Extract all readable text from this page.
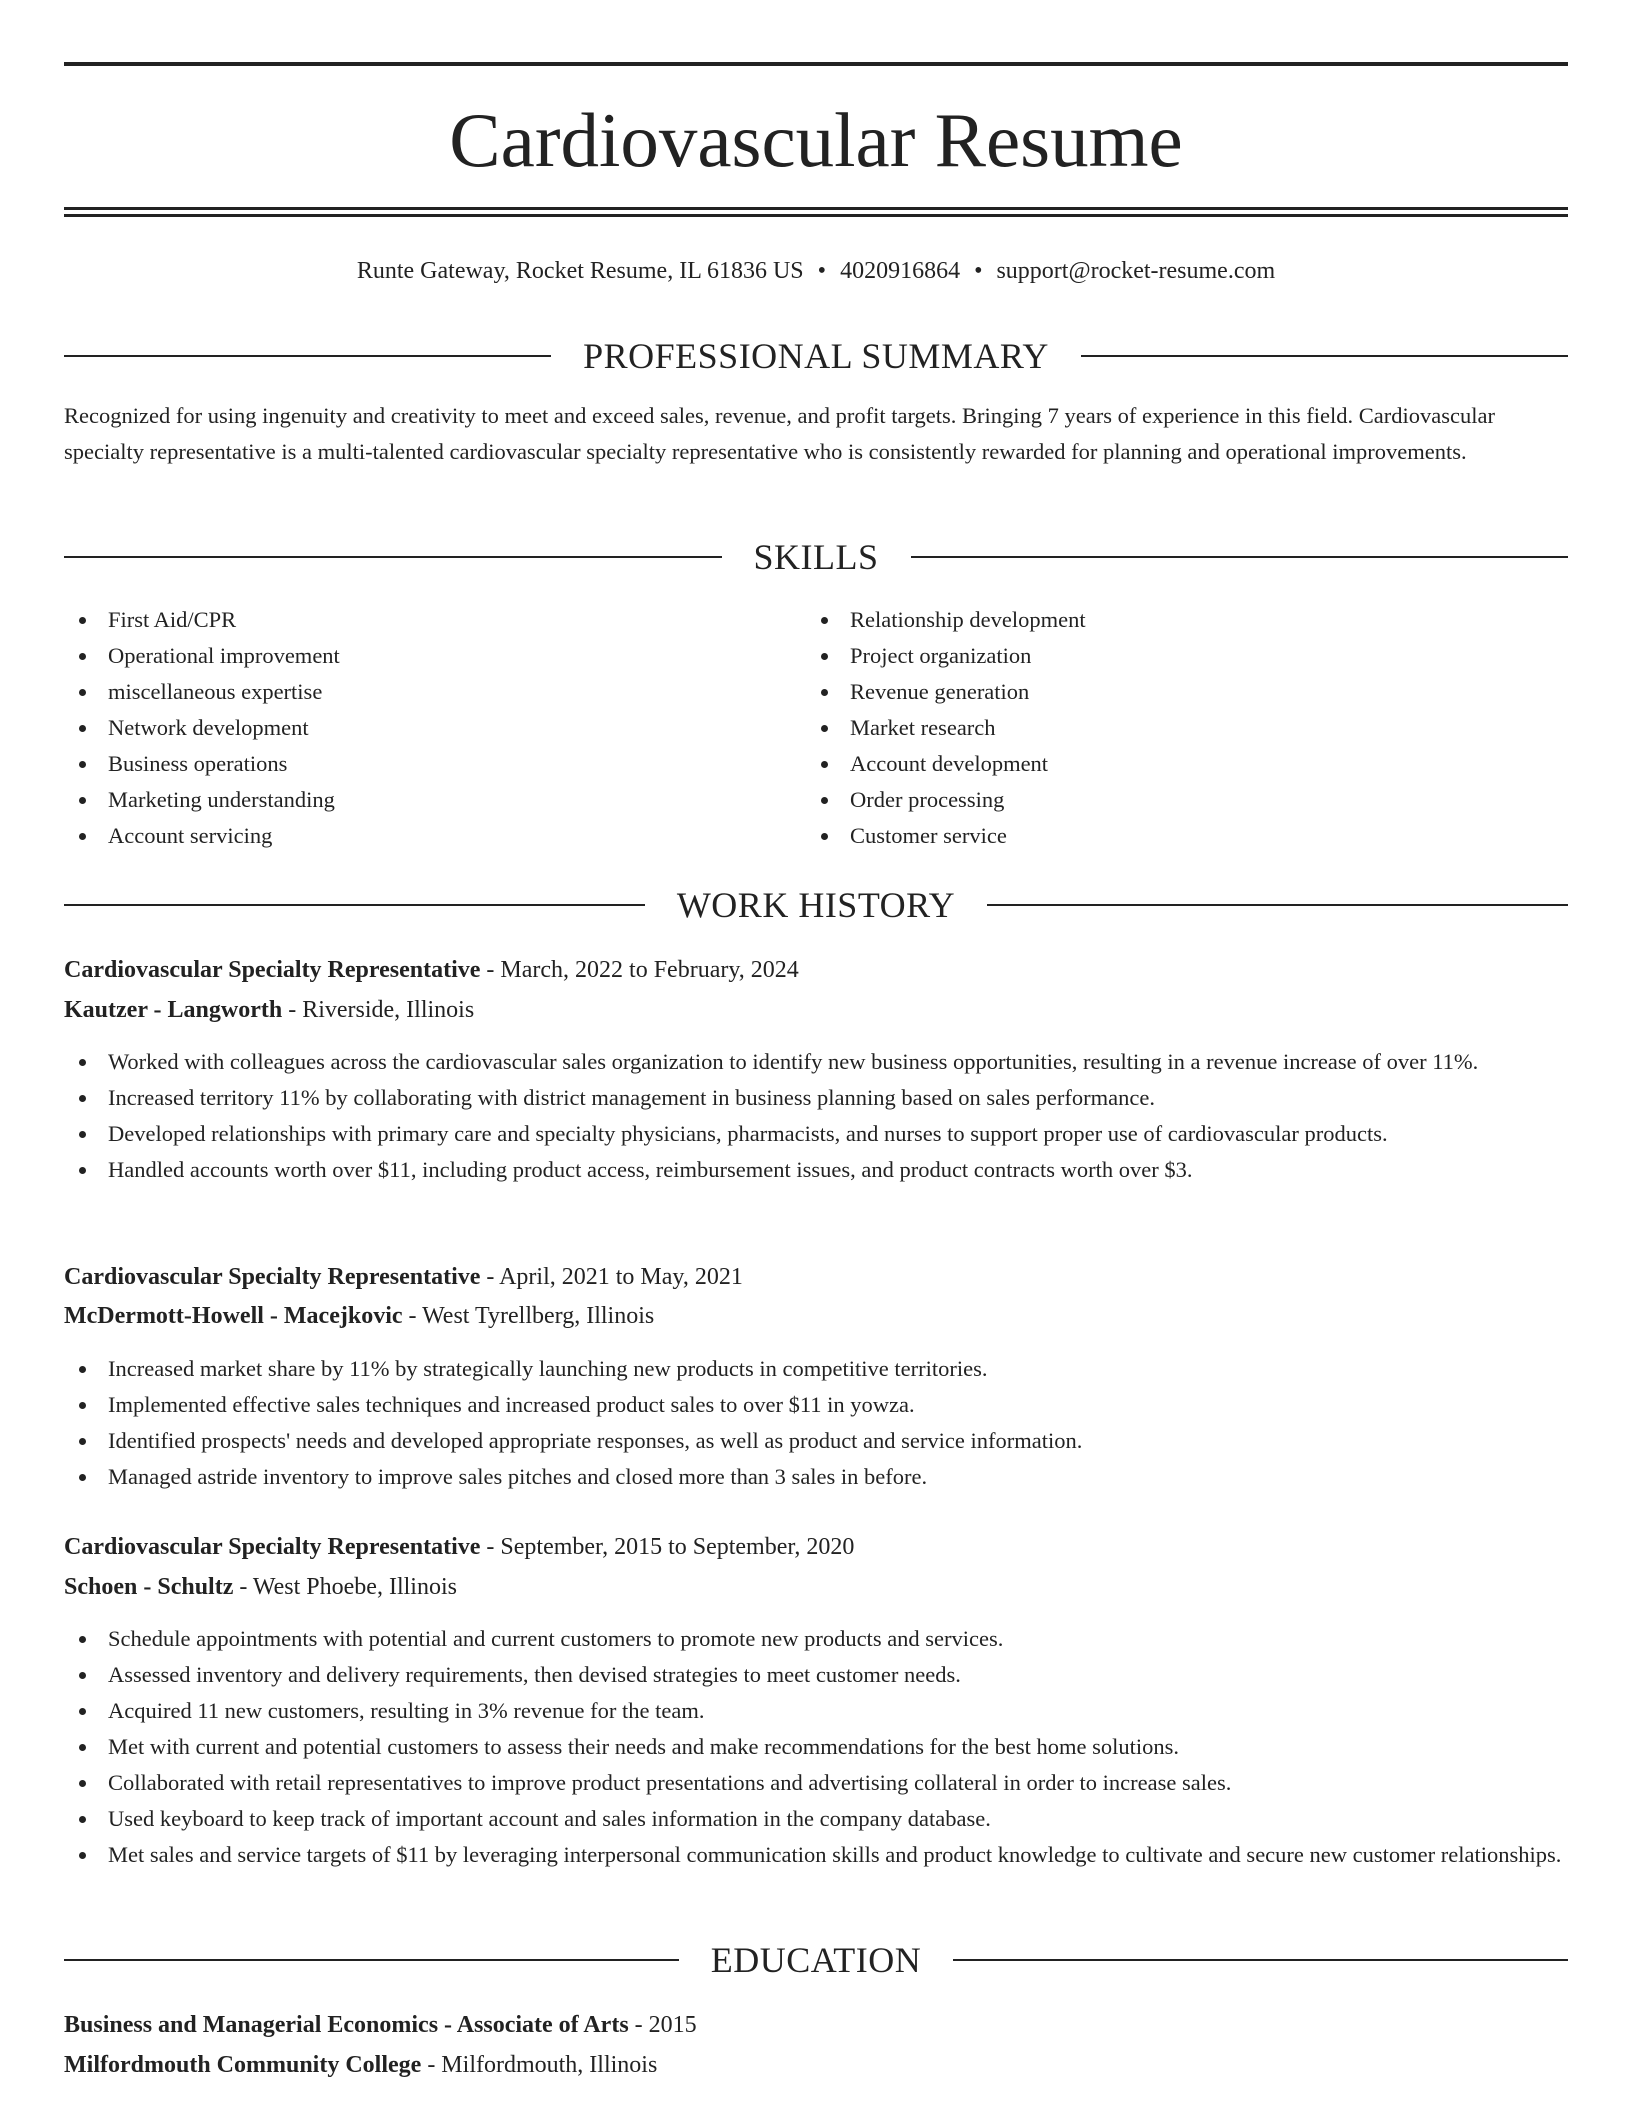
Cardiovascular Resume
Runte Gateway, Rocket Resume, IL 61836 US • 4020916864 • support@rocket-resume.com
PROFESSIONAL SUMMARY
Recognized for using ingenuity and creativity to meet and exceed sales, revenue, and profit targets. Bringing 7 years of experience in this field. Cardiovascular specialty representative is a multi-talented cardiovascular specialty representative who is consistently rewarded for planning and operational improvements.
SKILLS
First Aid/CPR
Operational improvement
miscellaneous expertise
Network development
Business operations
Marketing understanding
Account servicing
Relationship development
Project organization
Revenue generation
Market research
Account development
Order processing
Customer service
WORK HISTORY
Cardiovascular Specialty Representative - March, 2022 to February, 2024
Kautzer - Langworth - Riverside, Illinois
Worked with colleagues across the cardiovascular sales organization to identify new business opportunities, resulting in a revenue increase of over 11%.
Increased territory 11% by collaborating with district management in business planning based on sales performance.
Developed relationships with primary care and specialty physicians, pharmacists, and nurses to support proper use of cardiovascular products.
Handled accounts worth over $11, including product access, reimbursement issues, and product contracts worth over $3.
Cardiovascular Specialty Representative - April, 2021 to May, 2021
McDermott-Howell - Macejkovic - West Tyrellberg, Illinois
Increased market share by 11% by strategically launching new products in competitive territories.
Implemented effective sales techniques and increased product sales to over $11 in yowza.
Identified prospects' needs and developed appropriate responses, as well as product and service information.
Managed astride inventory to improve sales pitches and closed more than 3 sales in before.
Cardiovascular Specialty Representative - September, 2015 to September, 2020
Schoen - Schultz - West Phoebe, Illinois
Schedule appointments with potential and current customers to promote new products and services.
Assessed inventory and delivery requirements, then devised strategies to meet customer needs.
Acquired 11 new customers, resulting in 3% revenue for the team.
Met with current and potential customers to assess their needs and make recommendations for the best home solutions.
Collaborated with retail representatives to improve product presentations and advertising collateral in order to increase sales.
Used keyboard to keep track of important account and sales information in the company database.
Met sales and service targets of $11 by leveraging interpersonal communication skills and product knowledge to cultivate and secure new customer relationships.
EDUCATION
Business and Managerial Economics - Associate of Arts - 2015
Milfordmouth Community College - Milfordmouth, Illinois
